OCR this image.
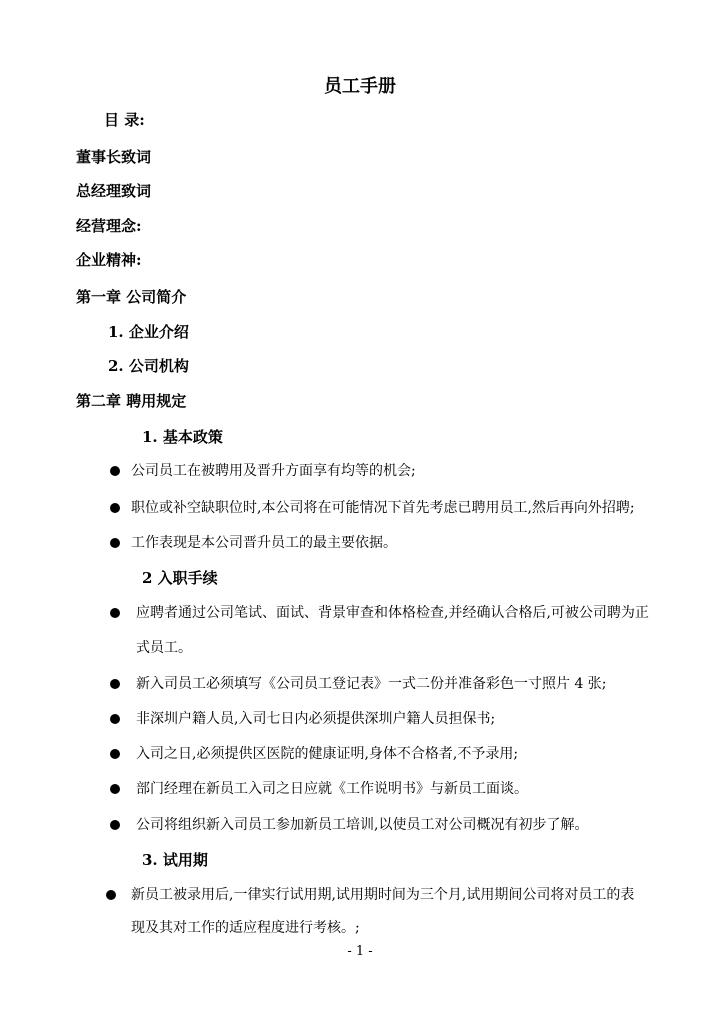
员工手册
目 录:
董事长致词
总经理致词
经营理念:
企业精神:
第一章 公司简介
1. 企业介绍
2. 公司机构
第二章 聘用规定
1. 基本政策
公司员工在被聘用及晋升方面享有均等的机会;
职位或补空缺职位时,本公司将在可能情况下首先考虑已聘用员工,然后再向外招聘;
工作表现是本公司晋升员工的最主要依据。
2 入职手续
应聘者通过公司笔试、面试、背景审查和体格检查,并经确认合格后,可被公司聘为正
式员工。
新入司员工必须填写《公司员工登记表》一式二份并准备彩色一寸照片 4 张;
非深圳户籍人员,入司七日内必须提供深圳户籍人员担保书;
入司之日,必须提供区医院的健康证明,身体不合格者,不予录用;
部门经理在新员工入司之日应就《工作说明书》与新员工面谈。
公司将组织新入司员工参加新员工培训,以使员工对公司概况有初步了解。
3. 试用期
新员工被录用后,一律实行试用期,试用期时间为三个月,试用期间公司将对员工的表
现及其对工作的适应程度进行考核。;
- 1 -
